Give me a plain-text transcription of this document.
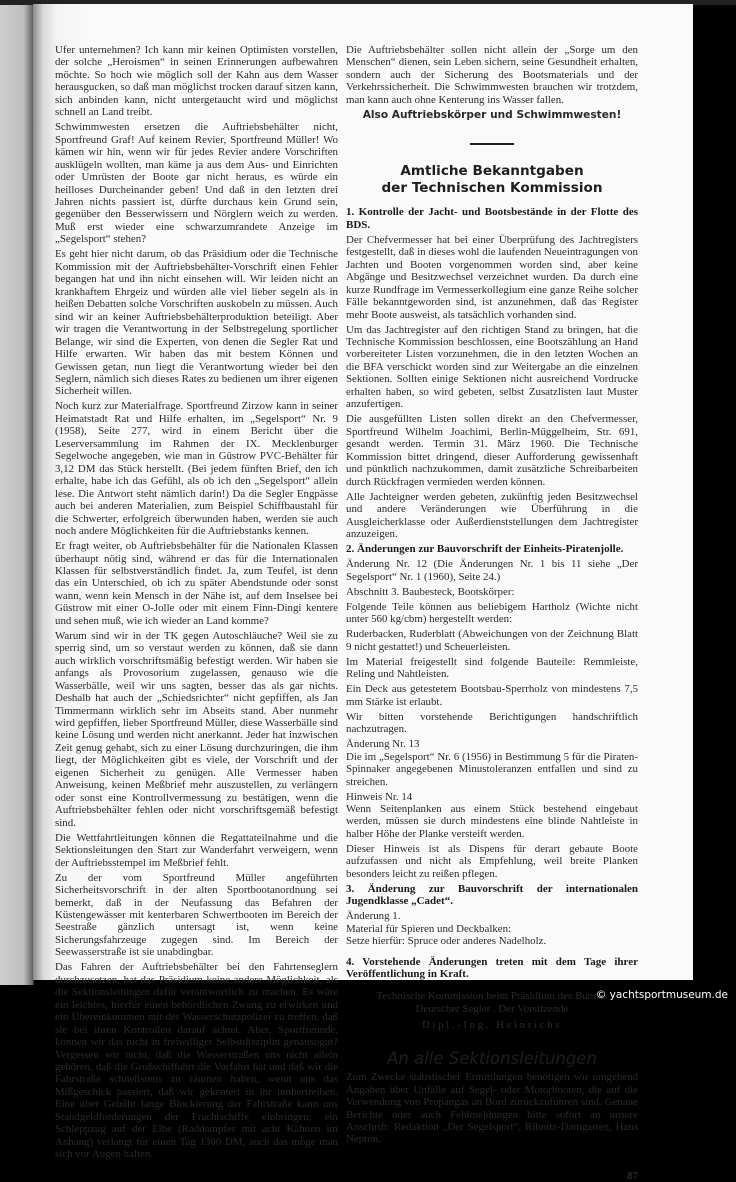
Ufer unternehmen? Ich kann mir keinen Optimisten vorstellen, der solche „Heroismen“ in seinen Erinnerungen aufbewahren möchte. So hoch wie möglich soll der Kahn aus dem Wasser herausgucken, so daß man möglichst trocken darauf sitzen kann, sich anbinden kann, nicht untergetaucht wird und möglichst schnell an Land treibt.

Schwimmwesten ersetzen die Auftriebsbehälter nicht, Sportfreund Graf! Auf keinem Revier, Sportfreund Müller! Wo kämen wir hin, wenn wir für jedes Revier andere Vorschriften ausklügeln wollten, man käme ja aus dem Aus- und Einrichten oder Umrüsten der Boote gar nicht heraus, es würde ein heilloses Durcheinander geben! Und daß in den letzten drei Jahren nichts passiert ist, dürfte durchaus kein Grund sein, gegenüber den Besserwissern und Nörglern weich zu werden. Muß erst wieder eine schwarzumrandete Anzeige im „Segelsport“ stehen?

Es geht hier nicht darum, ob das Präsidium oder die Technische Kommission mit der Auftriebsbehälter-Vorschrift einen Fehler begangen hat und ihn nicht einsehen will. Wir leiden nicht an krankhaftem Ehrgeiz und würden alle viel lieber segeln als in heißen Debatten solche Vorschriften auskobeln zu müssen. Auch sind wir an keiner Auftriebsbehälterproduktion beteiligt. Aber wir tragen die Verantwortung in der Selbstregelung sportlicher Belange, wir sind die Experten, von denen die Segler Rat und Hilfe erwarten. Wir haben das mit bestem Können und Gewissen getan, nun liegt die Verantwortung wieder bei den Seglern, nämlich sich dieses Rates zu bedienen um ihrer eigenen Sicherheit willen.

Noch kurz zur Materialfrage. Sportfreund Zirzow kann in seiner Heimatstadt Rat und Hilfe erhalten, im „Segelsport“ Nr. 9 (1958), Seite 277, wird in einem Bericht über die Leserversammlung im Rahmen der IX. Mecklenburger Segelwoche angegeben, wie man in Güstrow PVC-Behälter für 3,12 DM das Stück herstellt. (Bei jedem fünften Brief, den ich erhalte, habe ich das Gefühl, als ob ich den „Segelsport“ allein lese. Die Antwort steht nämlich darin!) Da die Segler Engpässe auch bei anderen Materialien, zum Beispiel Schiffbaustahl für die Schwerter, erfolgreich überwunden haben, werden sie auch noch andere Möglichkeiten für die Auftriebstanks kennen.

Er fragt weiter, ob Auftriebsbehälter für die Nationalen Klassen überhaupt nötig sind, während er das für die Internationalen Klassen für selbstverständlich findet. Ja, zum Teufel, ist denn das ein Unterschied, ob ich zu später Abendstunde oder sonst wann, wenn kein Mensch in der Nähe ist, auf dem Inselsee bei Güstrow mit einer O-Jolle oder mit einem Finn-Dingi kentere und sehen muß, wie ich wieder an Land komme?

Warum sind wir in der TK gegen Autoschläuche? Weil sie zu sperrig sind, um so verstaut werden zu können, daß sie dann auch wirklich vorschriftsmäßig befestigt werden. Wir haben sie anfangs als Provosorium zugelassen, genauso wie die Wasserbälle, weil wir uns sagten, besser das als gar nichts. Deshalb hat auch der „Schiedsrichter“ nicht gepfiffen, als Jan Timmermann wirklich sehr im Abseits stand. Aber nunmehr wird gepfiffen, lieber Sportfreund Müller, diese Wasserbälle sind keine Lösung und werden nicht anerkannt. Jeder hat inzwischen Zeit genug gehabt, sich zu einer Lösung durchzuringen, die ihm liegt, der Möglichkeiten gibt es viele, der Vorschrift und der eigenen Sicherheit zu genügen. Alle Vermesser haben Anweisung, keinen Meßbrief mehr auszustellen, zu verlängern oder sonst eine Kontrollvermessung zu bestätigen, wenn die Auftriebsbehälter fehlen oder nicht vorschriftsgemäß befestigt sind.

Die Wettfahrtleitungen können die Regattateilnahme und die Sektionsleitungen den Start zur Wanderfahrt verweigern, wenn der Auftriebsstempel im Meßbrief fehlt.

Zu der vom Sportfreund Müller angeführten Sicherheitsvorschrift in der alten Sportbootanordnung sei bemerkt, daß in der Neufassung das Befahren der Küstengewässer mit kenterbaren Schwertbooten im Bereich der Seestraße gänzlich untersagt ist, wenn keine Sicherungsfahrzeuge zugegen sind. Im Bereich der Seewasserstraße ist sie unabdingbar.

Das Fahren der Auftriebsbehälter bei den Fahrtenseglern durchzusetzen, hat das Präsidium keine andere Möglichkeit, als die Sektionsleitungen dafür verantwortlich zu machen. Es wäre ein leichtes, hierfür einen behördlichen Zwang zu erwirken und ein Übereinkommen mit der Wasserschutzpolizei zu treffen, daß sie bei ihren Kontrollen darauf achtet. Aber, Sportfreunde, können wir das nicht in freiwilliger Selbstdisziplin genausogut? Vergessen wir nicht, daß die Wasserstraßen uns nicht allein gehören, daß die Großschiffahrt die Vorfahrt hat und daß wir die Fahrstraße schnellstens zu räumen haben, wenn uns das Mißgeschick passiert, daß wir gekentert in ihr umhertreiben. Eine über Gebühr lange Blockierung der Fahrstraße kann uns Standgeldforderungen der Frachtschiffe einbringen; ein Schleppzug auf der Elbe (Raddampfer mit acht Kähnen im Anhang) verlangt für einen Tag 1300 DM, auch das möge man sich vor Augen halten.

Die Auftriebsbehälter sollen nicht allein der „Sorge um den Menschen“ dienen, sein Leben sichern, seine Gesundheit erhalten, sondern auch der Sicherung des Bootsmaterials und der Verkehrssicherheit. Die Schwimmwesten brauchen wir trotzdem, man kann auch ohne Kenterung ins Wasser fallen.

Also Auftriebskörper und Schwimmwesten!

Amtliche Bekanntgaben
der Technischen Kommission

1. Kontrolle der Jacht- und Bootsbestände in der Flotte des BDS.

Der Chefvermesser hat bei einer Überprüfung des Jachtregisters festgestellt, daß in dieses wohl die laufenden Neueintragungen von Jachten und Booten vorgenommen worden sind, aber keine Abgänge und Besitzwechsel verzeichnet wurden. Da durch eine kurze Rundfrage im Vermesserkollegium eine ganze Reihe solcher Fälle bekanntgeworden sind, ist anzunehmen, daß das Register mehr Boote ausweist, als tatsächlich vorhanden sind.

Um das Jachtregister auf den richtigen Stand zu bringen, hat die Technische Kommission beschlossen, eine Bootszählung an Hand vorbereiteter Listen vorzunehmen, die in den letzten Wochen an die BFA verschickt worden sind zur Weitergabe an die einzelnen Sektionen. Sollten einige Sektionen nicht ausreichend Vordrucke erhalten haben, so wird gebeten, selbst Zusatzlisten laut Muster anzufertigen.

Die ausgefüllten Listen sollen direkt an den Chefvermesser, Sportfreund Wilhelm Joachimi, Berlin-Müggelheim, Str. 691, gesandt werden. Termin 31. März 1960. Die Technische Kommission bittet dringend, dieser Aufforderung gewissenhaft und pünktlich nachzukommen, damit zusätzliche Schreibarbeiten durch Rückfragen vermieden werden können.

Alle Jachteigner werden gebeten, zukünftig jeden Besitzwechsel und andere Veränderungen wie Überführung in die Ausgleicherklasse oder Außerdienststellungen dem Jachtregister anzuzeigen.

2. Änderungen zur Bauvorschrift der Einheits-Piratenjolle.

Änderung Nr. 12 (Die Änderungen Nr. 1 bis 11 siehe „Der Segelsport“ Nr. 1 (1960), Seite 24.)

Abschnitt 3. Baubesteck, Bootskörper:

Folgende Teile können aus beliebigem Hartholz (Wichte nicht unter 560 kg/cbm) hergestellt werden:

Ruderbacken, Ruderblatt (Abweichungen von der Zeichnung Blatt 9 nicht gestattet!) und Scheuerleisten.

Im Material freigestellt sind folgende Bauteile: Remmleiste, Reling und Nahtleisten.

Ein Deck aus getestetem Bootsbau-Sperrholz von mindestens 7,5 mm Stärke ist erlaubt.

Wir bitten vorstehende Berichtigungen handschriftlich nachzutragen.

Änderung Nr. 13

Die im „Segelsport“ Nr. 6 (1956) in Bestimmung 5 für die Piraten-Spinnaker angegebenen Minustoleranzen entfallen und sind zu streichen.

Hinweis Nr. 14

Wenn Seitenplanken aus einem Stück bestehend eingebaut werden, müssen sie durch mindestens eine blinde Nahtleiste in halber Höhe der Planke versteift werden.

Dieser Hinweis ist als Dispens für derart gebaute Boote aufzufassen und nicht als Empfehlung, weil breite Planken besonders leicht zu reißen pflegen.

3. Änderung zur Bauvorschrift der internationalen Jugendklasse „Cadet“.

Änderung 1.
Material für Spieren und Deckbalken:
Setze hierfür: Spruce oder anderes Nadelholz.

4. Vorstehende Änderungen treten mit dem Tage ihrer Veröffentlichung in Kraft.

Technische Kommission beim Präsidium des Bundes
Deutscher Segler . Der Vorsitzende
Dipl.-Ing. Heinrichs
An alle Sektionsleitungen

Zum Zwecke statistischer Ermittlungen benötigen wir umgehend Angaben über Unfälle auf Segel- oder Motorbooten, die auf die Verwendung von Propangas an Bord zurückzuführen sind. Genaue Berichte oder auch Fehlmeldungen bitte sofort an unsere Anschrift: Redaktion „Der Segelsport“, Ribnitz-Damgarten, Haus Neptun.

87
© yachtsportmuseum.de
